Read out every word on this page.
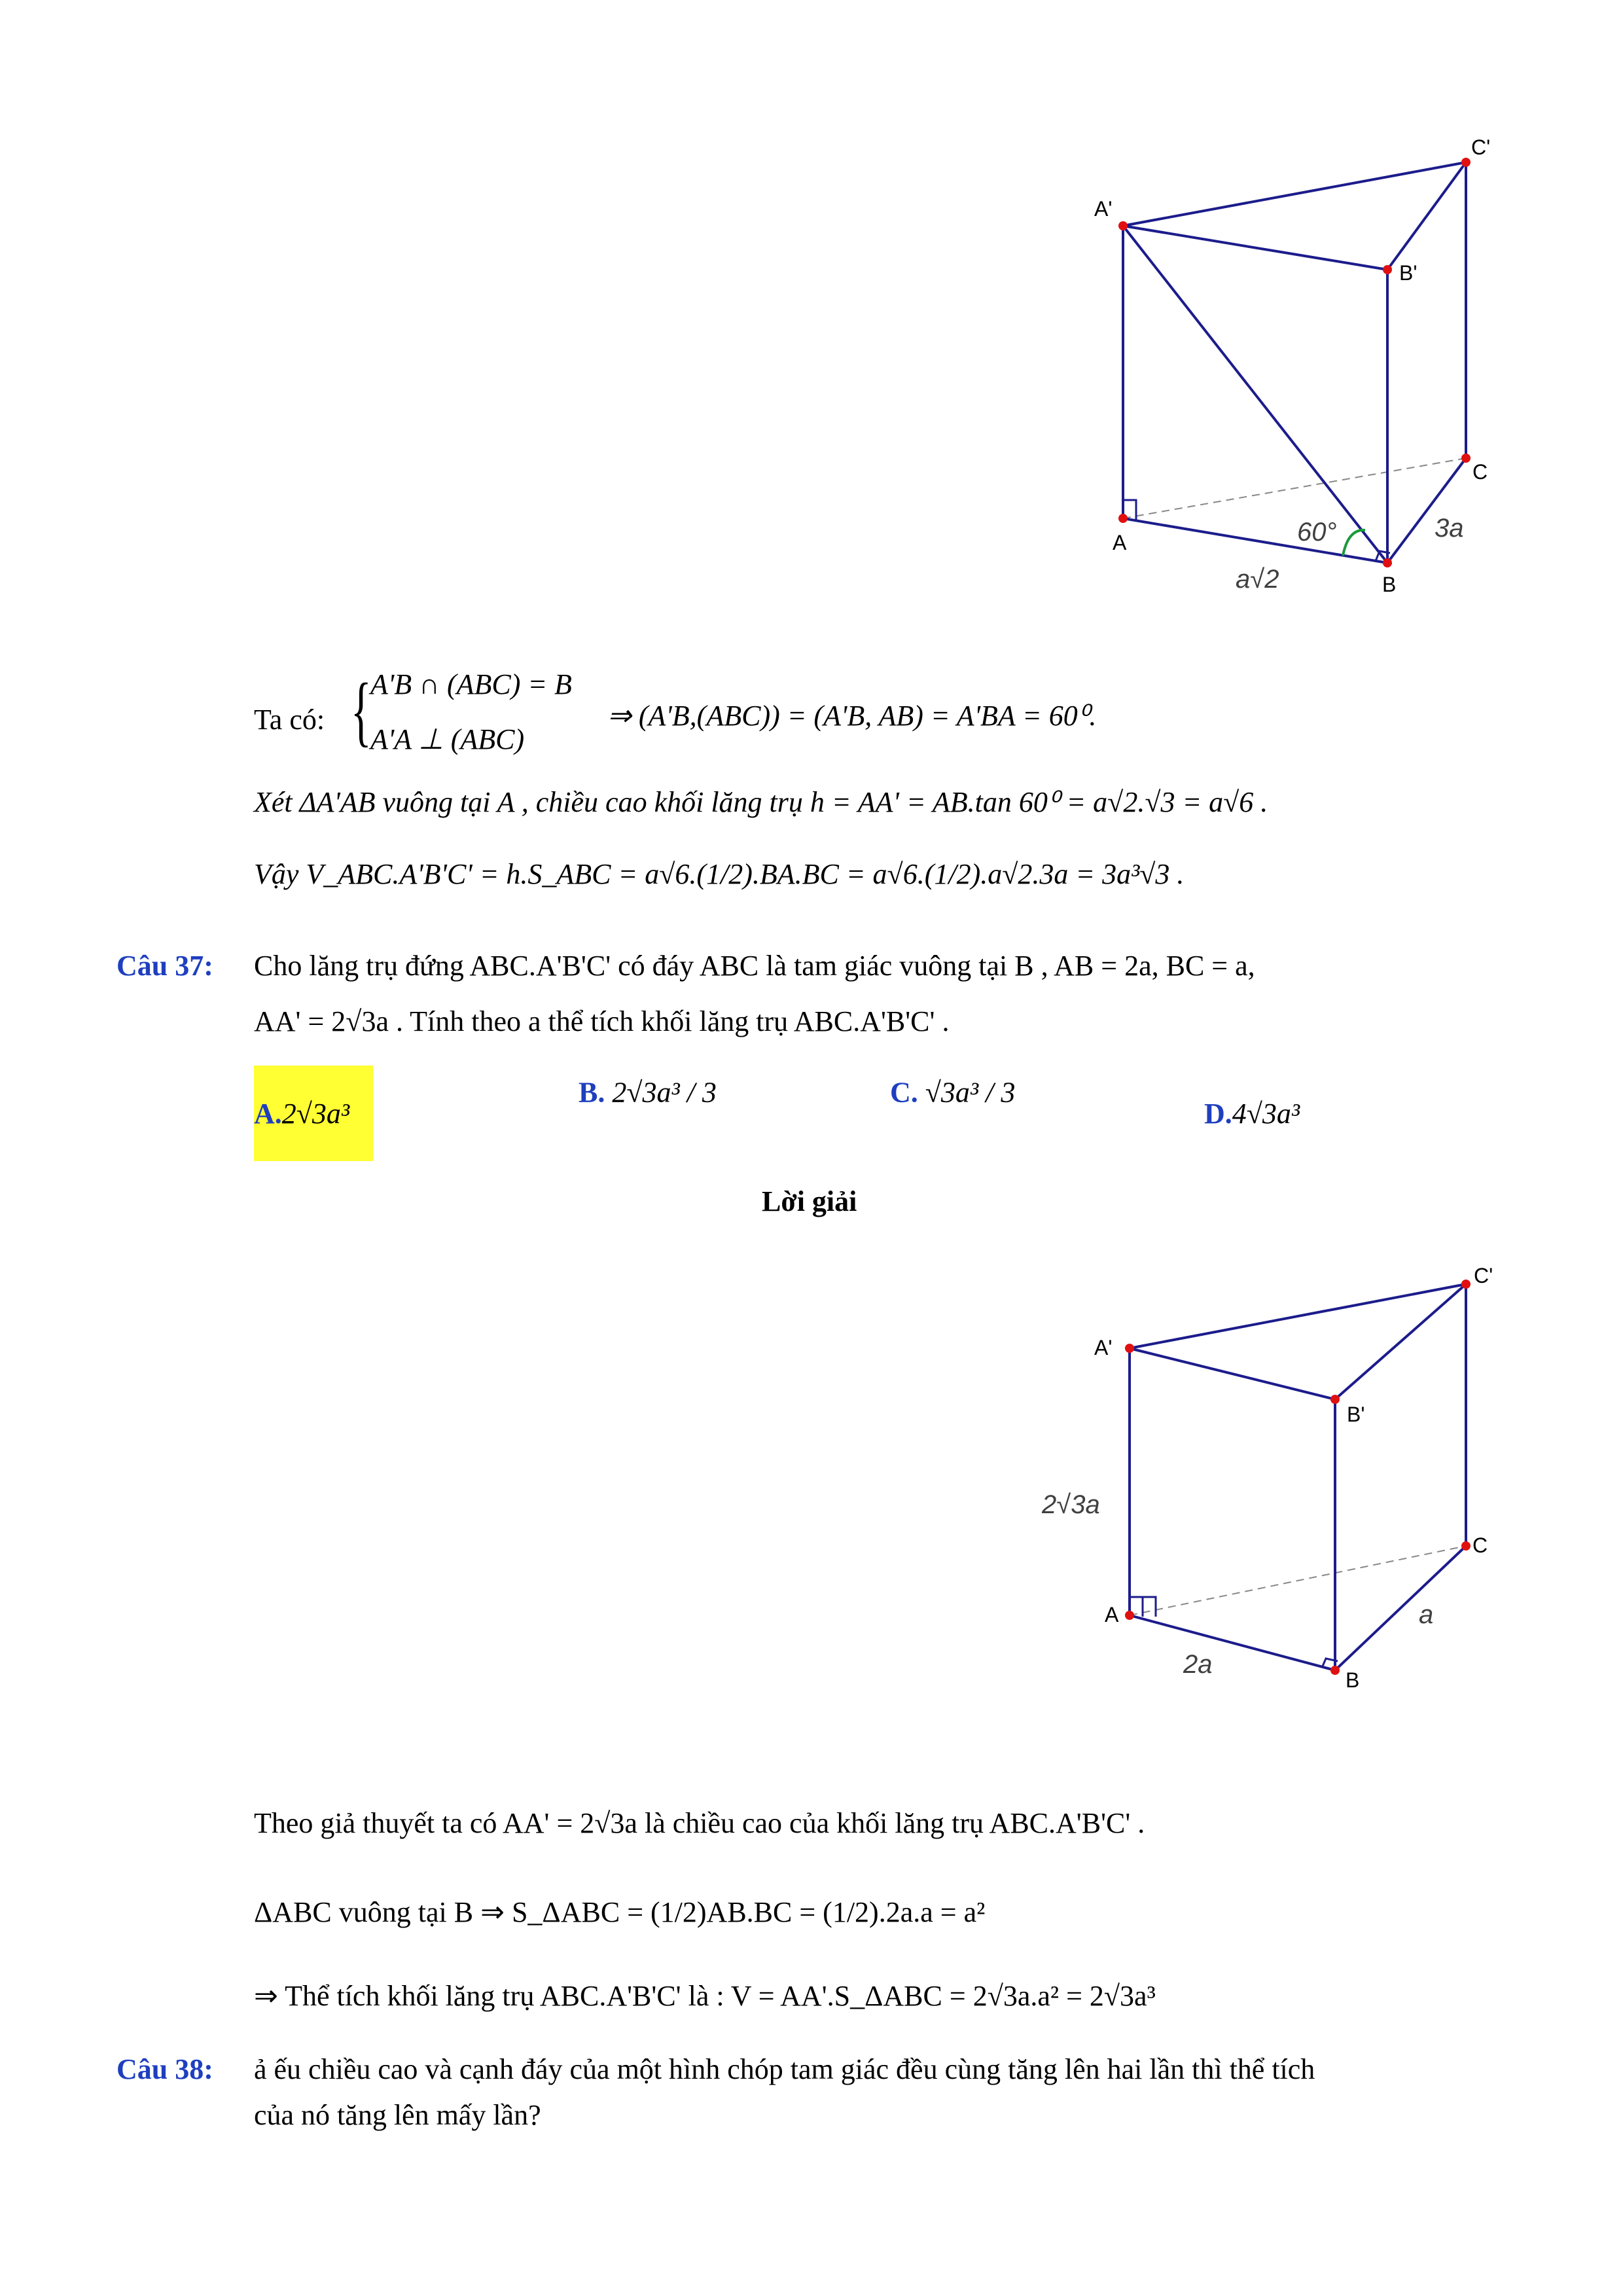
A
B
C
A'
B'
C'
60°	3a
a√2
Ta có: {
A'B ∩ (ABC) = B
A'A ⊥ (ABC)
⇒ (A'B,(ABC)) = (A'B, AB) = A'BA = 60⁰.
Xét ΔA'AB vuông tại A , chiều cao khối lăng trụ h = AA' = AB.tan 60⁰ = a√2.√3 = a√6 .
Vậy V_ABC.A'B'C' = h.S_ABC = a√6.(1/2).BA.BC = a√6.(1/2).a√2.3a = 3a³√3 .
Câu 37: Cho lăng trụ đứng ABC.A'B'C' có đáy ABC là tam giác vuông tại B , AB = 2a, BC = a,
AA' = 2√3a . Tính theo a thể tích khối lăng trụ ABC.A'B'C' .
A.2√3a³
B. 2√3a³ / 3	C. √3a³ / 3
D.4√3a³
Lời giải
A
B
C
A'
B'
C'
2√3a
2a
a
Theo giả thuyết ta có AA' = 2√3a là chiều cao của khối lăng trụ ABC.A'B'C' .
ΔABC vuông tại B ⇒ S_ΔABC = (1/2)AB.BC = (1/2).2a.a = a²
⇒ Thể tích khối lăng trụ ABC.A'B'C' là : V = AA'.S_ΔABC = 2√3a.a² = 2√3a³
Câu 38: ả ếu chiều cao và cạnh đáy của một hình chóp tam giác đều cùng tăng lên hai lần thì thể tích
của nó tăng lên mấy lần?
